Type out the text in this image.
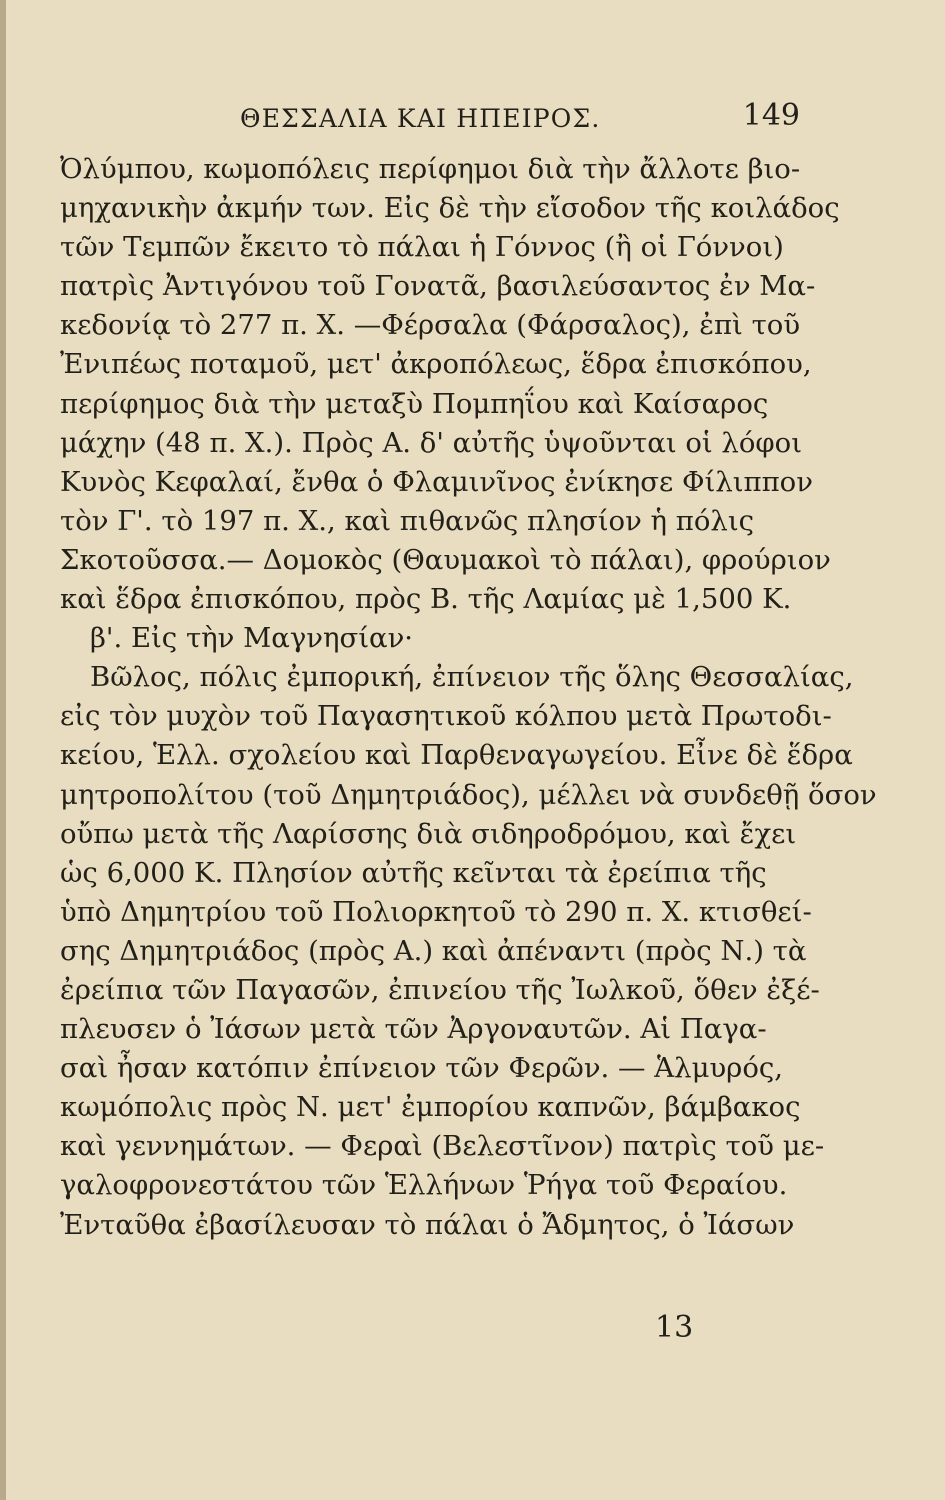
ΘΕΣΣΑΛΙΑ ΚΑΙ ΗΠΕΙΡΟΣ.	149
Ὀλύμπου, κωμοπόλεις περίφημοι διὰ τὴν ἄλλοτε βιο-
μηχανικὴν ἀκμήν των. Εἰς δὲ τὴν εἴσοδον τῆς κοιλάδος
τῶν Τεμπῶν ἔκειτο τὸ πάλαι ἡ Γόννος (ἢ οἱ Γόννοι)
πατρὶς Ἀντιγόνου τοῦ Γονατᾶ, βασιλεύσαντος ἐν Μα-
κεδονίᾳ τὸ 277 π. Χ. —Φέρσαλα (Φάρσαλος), ἐπὶ τοῦ
Ἐνιπέως ποταμοῦ, μετ' ἀκροπόλεως, ἕδρα ἐπισκόπου,
περίφημος διὰ τὴν μεταξὺ Πομπηΐου καὶ Καίσαρος
μάχην (48 π. Χ.). Πρὸς Α. δ' αὐτῆς ὑψοῦνται οἱ λόφοι
Κυνὸς Κεφαλαί, ἔνθα ὁ Φλαμινῖνος ἐνίκησε Φίλιππον
τὸν Γ'. τὸ 197 π. Χ., καὶ πιθανῶς πλησίον ἡ πόλις
Σκοτοῦσσα.— Δομοκὸς (Θαυμακοὶ τὸ πάλαι), φρούριον
καὶ ἕδρα ἐπισκόπου, πρὸς Β. τῆς Λαμίας μὲ 1,500 Κ.
β'. Εἰς τὴν Μαγνησίαν·
Βῶλος, πόλις ἐμπορική, ἐπίνειον τῆς ὅλης Θεσσαλίας,
εἰς τὸν μυχὸν τοῦ Παγασητικοῦ κόλπου μετὰ Πρωτοδι-
κείου, Ἑλλ. σχολείου καὶ Παρθεναγωγείου. Εἶνε δὲ ἕδρα
μητροπολίτου (τοῦ Δημητριάδος), μέλλει νὰ συνδεθῇ ὅσον
οὔπω μετὰ τῆς Λαρίσσης διὰ σιδηροδρόμου, καὶ ἔχει
ὡς 6,000 Κ. Πλησίον αὐτῆς κεῖνται τὰ ἐρείπια τῆς
ὑπὸ Δημητρίου τοῦ Πολιορκητοῦ τὸ 290 π. Χ. κτισθεί-
σης Δημητριάδος (πρὸς Α.) καὶ ἀπέναντι (πρὸς Ν.) τὰ
ἐρείπια τῶν Παγασῶν, ἐπινείου τῆς Ἰωλκοῦ, ὅθεν ἐξέ-
πλευσεν ὁ Ἰάσων μετὰ τῶν Ἀργοναυτῶν. Αἱ Παγα-
σαὶ ἦσαν κατόπιν ἐπίνειον τῶν Φερῶν. — Ἁλμυρός,
κωμόπολις πρὸς Ν. μετ' ἐμπορίου καπνῶν, βάμβακος
καὶ γεννημάτων. — Φεραὶ (Βελεστῖνον) πατρὶς τοῦ με-
γαλοφρονεστάτου τῶν Ἑλλήνων Ῥήγα τοῦ Φεραίου.
Ἐνταῦθα ἐβασίλευσαν τὸ πάλαι ὁ Ἄδμητος, ὁ Ἰάσων
13
